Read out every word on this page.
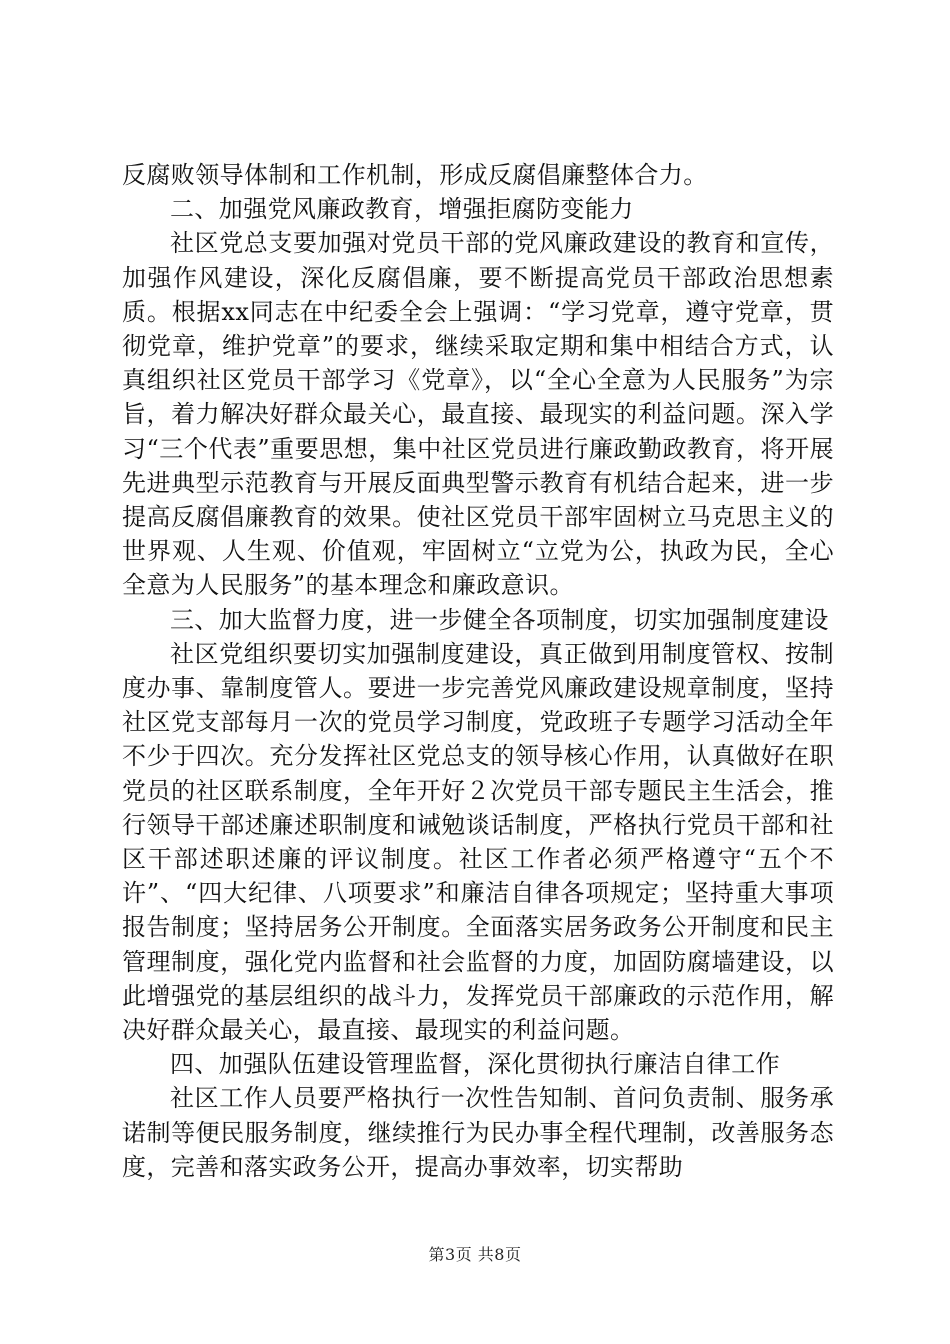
反腐败领导体制和工作机制，形成反腐倡廉整体合力。

二、加强党风廉政教育，增强拒腐防变能力

社区党总支要加强对党员干部的党风廉政建设的教育和宣传，加强作风建设，深化反腐倡廉，要不断提高党员干部政治思想素质。根据xx同志在中纪委全会上强调：“学习党章，遵守党章，贯彻党章，维护党章”的要求，继续采取定期和集中相结合方式，认真组织社区党员干部学习《党章》，以“全心全意为人民服务”为宗旨，着力解决好群众最关心，最直接、最现实的利益问题。深入学习“三个代表”重要思想，集中社区党员进行廉政勤政教育，将开展先进典型示范教育与开展反面典型警示教育有机结合起来，进一步提高反腐倡廉教育的效果。使社区党员干部牢固树立马克思主义的世界观、人生观、价值观，牢固树立“立党为公，执政为民，全心全意为人民服务”的基本理念和廉政意识。

三、加大监督力度，进一步健全各项制度，切实加强制度建设

社区党组织要切实加强制度建设，真正做到用制度管权、按制度办事、靠制度管人。要进一步完善党风廉政建设规章制度，坚持社区党支部每月一次的党员学习制度，党政班子专题学习活动全年不少于四次。充分发挥社区党总支的领导核心作用，认真做好在职党员的社区联系制度，全年开好２次党员干部专题民主生活会，推行领导干部述廉述职制度和诫勉谈话制度，严格执行党员干部和社区干部述职述廉的评议制度。社区工作者必须严格遵守“五个不许”、“四大纪律、八项要求”和廉洁自律各项规定；坚持重大事项报告制度；坚持居务公开制度。全面落实居务政务公开制度和民主管理制度，强化党内监督和社会监督的力度，加固防腐墙建设，以此增强党的基层组织的战斗力，发挥党员干部廉政的示范作用，解决好群众最关心，最直接、最现实的利益问题。

四、加强队伍建设管理监督，深化贯彻执行廉洁自律工作

社区工作人员要严格执行一次性告知制、首问负责制、服务承诺制等便民服务制度，继续推行为民办事全程代理制，改善服务态度，完善和落实政务公开，提高办事效率，切实帮助

第3页 共8页
